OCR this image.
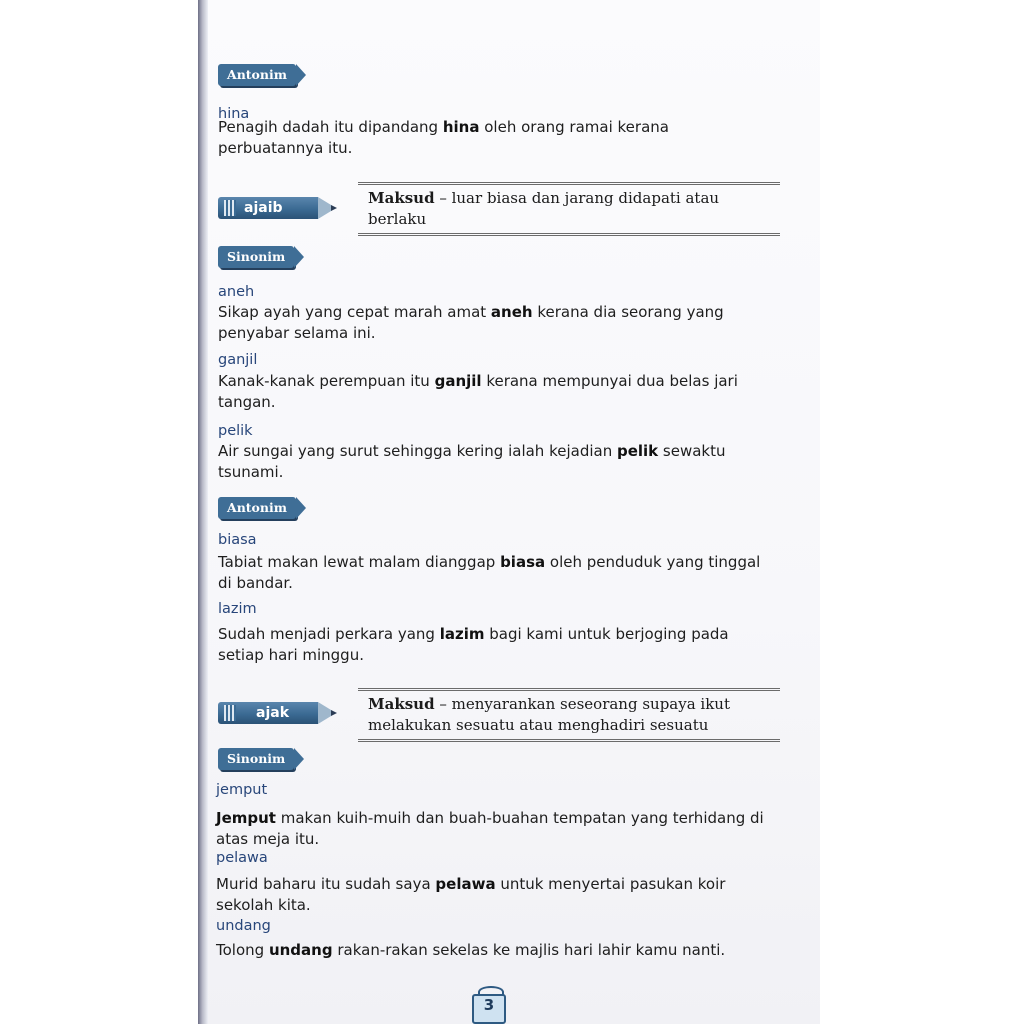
Antonim
hina
Penagih dadah itu dipandang hina oleh orang ramai kerana perbuatannya itu.
ajaib
Maksud – luar biasa dan jarang didapati atau berlaku
Sinonim
aneh
Sikap ayah yang cepat marah amat aneh kerana dia seorang yang penyabar selama ini.
ganjil
Kanak-kanak perempuan itu ganjil kerana mempunyai dua belas jari tangan.
pelik
Air sungai yang surut sehingga kering ialah kejadian pelik sewaktu tsunami.
Antonim
biasa
Tabiat makan lewat malam dianggap biasa oleh penduduk yang tinggal di bandar.
lazim
Sudah menjadi perkara yang lazim bagi kami untuk berjoging pada setiap hari minggu.
ajak	Maksud – menyarankan seseorang supaya ikut melakukan sesuatu atau menghadiri sesuatu
Sinonim
jemput
Jemput makan kuih-muih dan buah-buahan tempatan yang terhidang di atas meja itu.
pelawa
Murid baharu itu sudah saya pelawa untuk menyertai pasukan koir sekolah kita.
undang
Tolong undang rakan-rakan sekelas ke majlis hari lahir kamu nanti.
3
